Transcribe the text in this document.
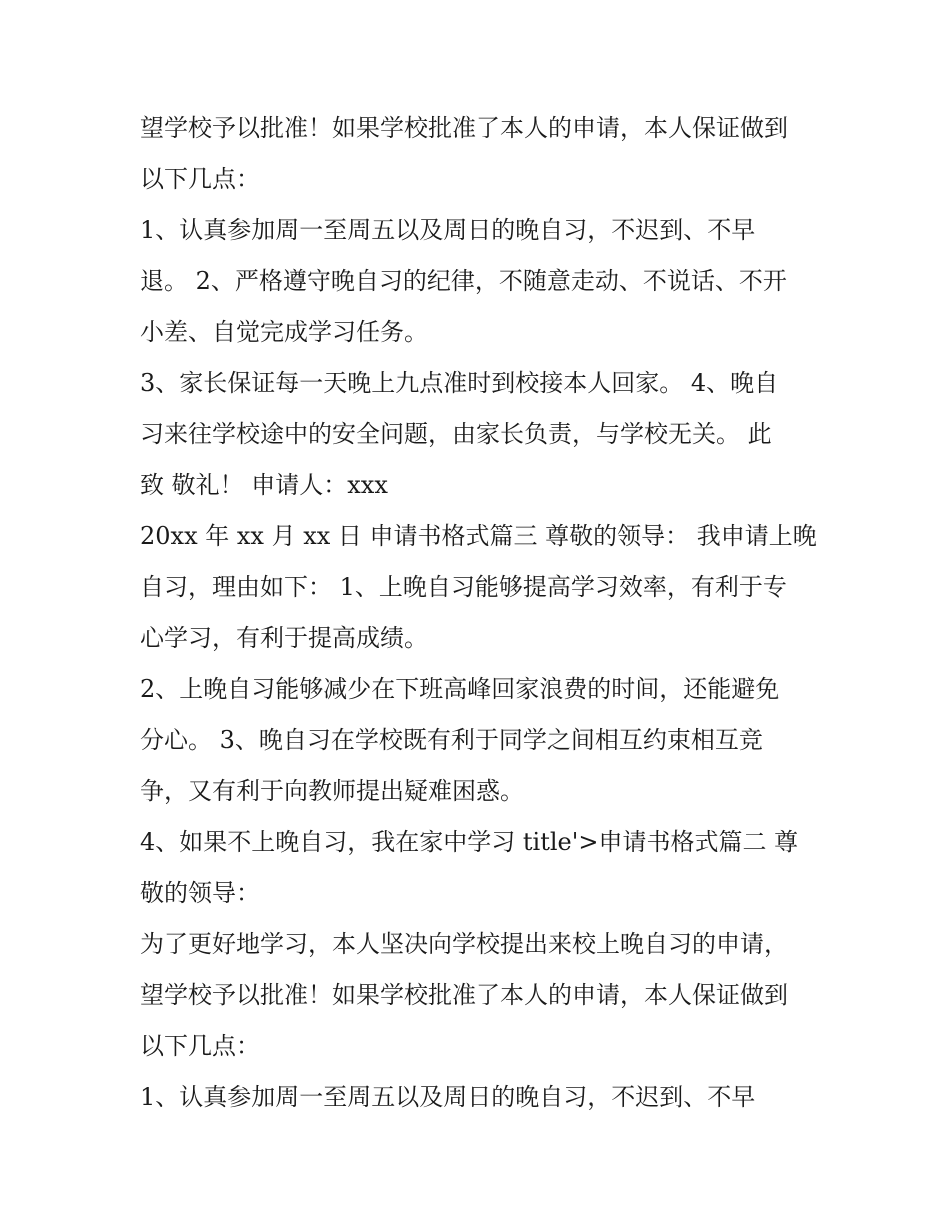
望学校予以批准！如果学校批准了本人的申请，本人保证做到
以下几点：
1、认真参加周一至周五以及周日的晚自习，不迟到、不早
退。 2、严格遵守晚自习的纪律，不随意走动、不说话、不开
小差、自觉完成学习任务。
3、家长保证每一天晚上九点准时到校接本人回家。 4、晚自
习来往学校途中的安全问题，由家长负责，与学校无关。 此
致 敬礼！ 申请人：xxx
20xx 年 xx 月 xx 日 申请书格式篇三 尊敬的领导： 我申请上晚
自习，理由如下： 1、上晚自习能够提高学习效率，有利于专
心学习，有利于提高成绩。
2、上晚自习能够减少在下班高峰回家浪费的时间，还能避免
分心。 3、晚自习在学校既有利于同学之间相互约束相互竞
争，又有利于向教师提出疑难困惑。
4、如果不上晚自习，我在家中学习 title'>申请书格式篇二 尊
敬的领导：
为了更好地学习，本人坚决向学校提出来校上晚自习的申请，
望学校予以批准！如果学校批准了本人的申请，本人保证做到
以下几点：
1、认真参加周一至周五以及周日的晚自习，不迟到、不早
